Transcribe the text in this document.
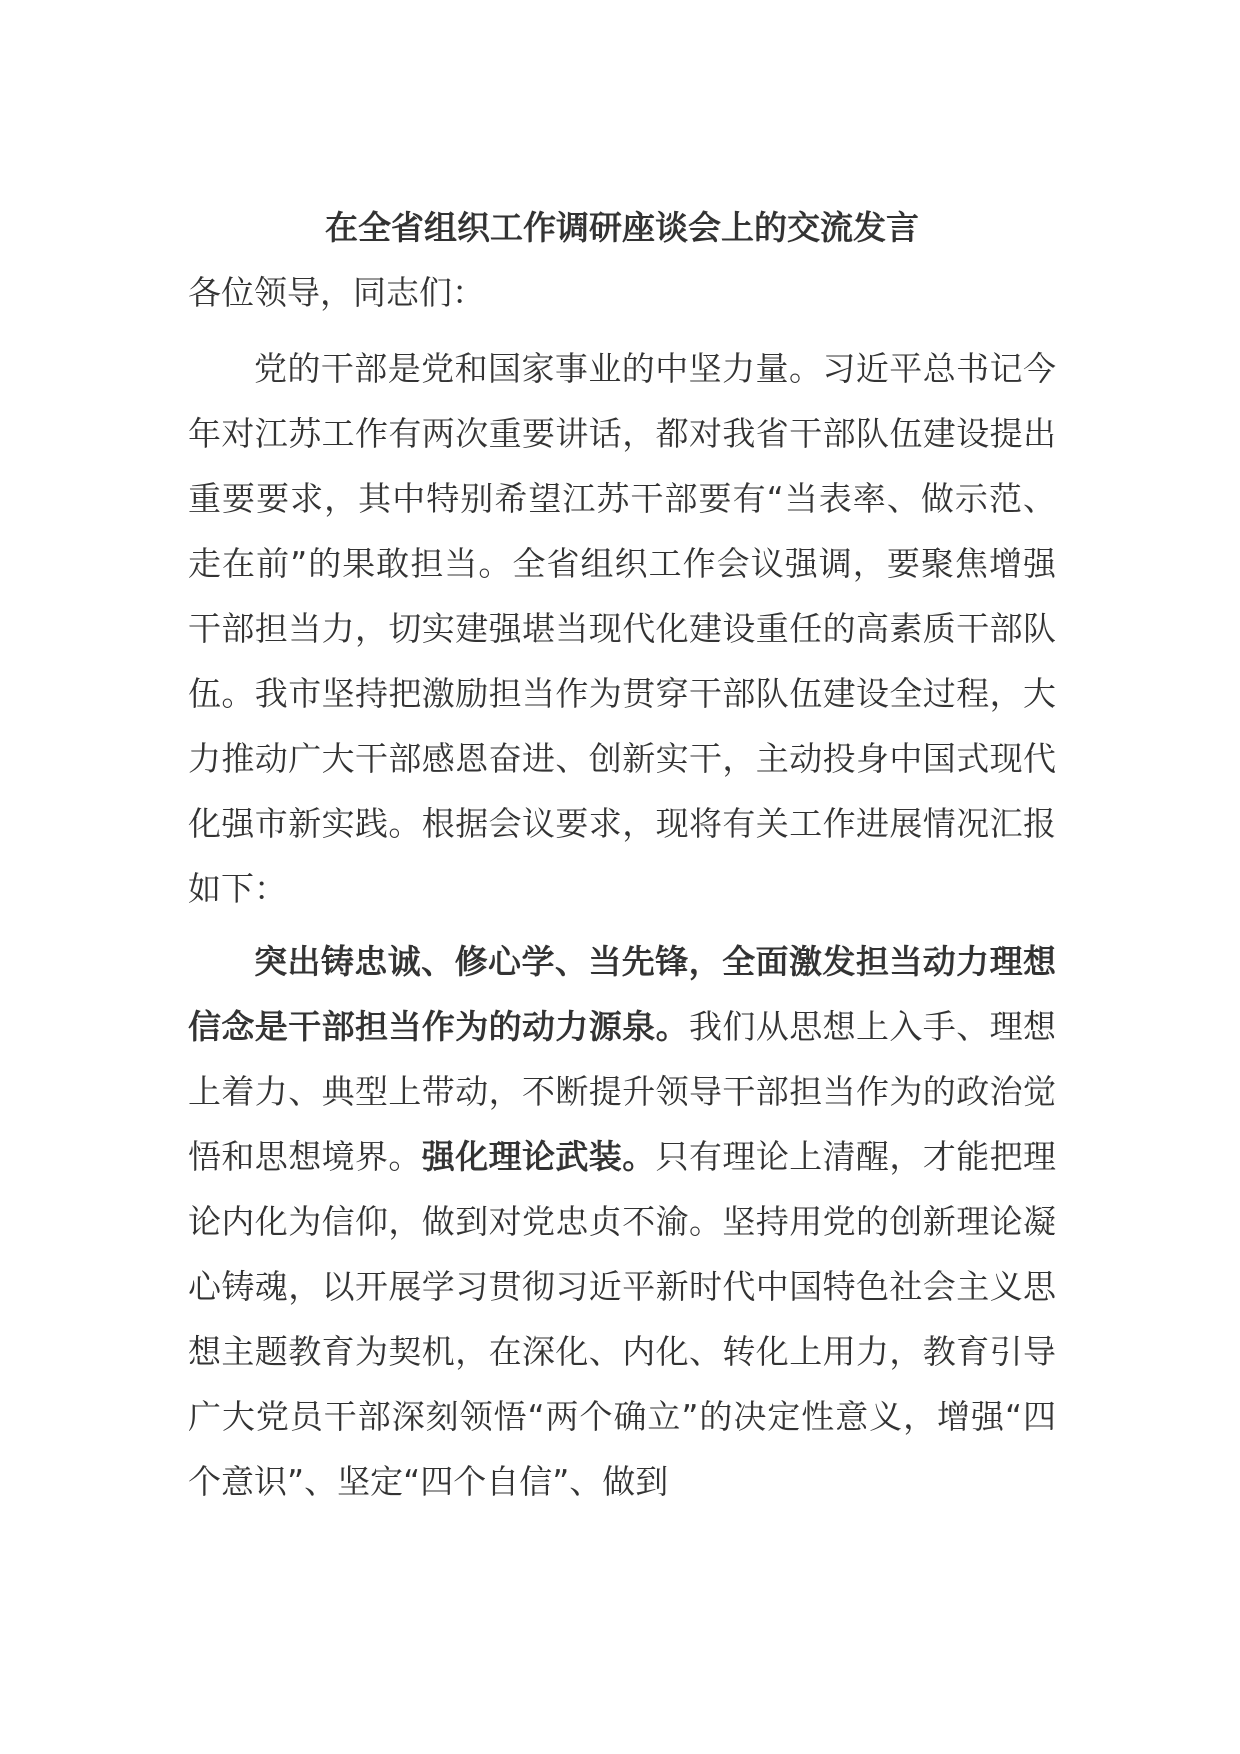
在全省组织工作调研座谈会上的交流发言
各位领导，同志们：

党的干部是党和国家事业的中坚力量。习近平总书记今年对江苏工作有两次重要讲话，都对我省干部队伍建设提出重要要求，其中特别希望江苏干部要有“当表率、做示范、走在前”的果敢担当。全省组织工作会议强调，要聚焦增强干部担当力，切实建强堪当现代化建设重任的高素质干部队伍。我市坚持把激励担当作为贯穿干部队伍建设全过程，大力推动广大干部感恩奋进、创新实干，主动投身中国式现代化强市新实践。根据会议要求，现将有关工作进展情况汇报如下：

突出铸忠诚、修心学、当先锋，全面激发担当动力理想信念是干部担当作为的动力源泉。我们从思想上入手、理想上着力、典型上带动，不断提升领导干部担当作为的政治觉悟和思想境界。强化理论武装。只有理论上清醒，才能把理论内化为信仰，做到对党忠贞不渝。坚持用党的创新理论凝心铸魂，以开展学习贯彻习近平新时代中国特色社会主义思想主题教育为契机，在深化、内化、转化上用力，教育引导广大党员干部深刻领悟“两个确立”的决定性意义，增强“四个意识”、坚定“四个自信”、做到
